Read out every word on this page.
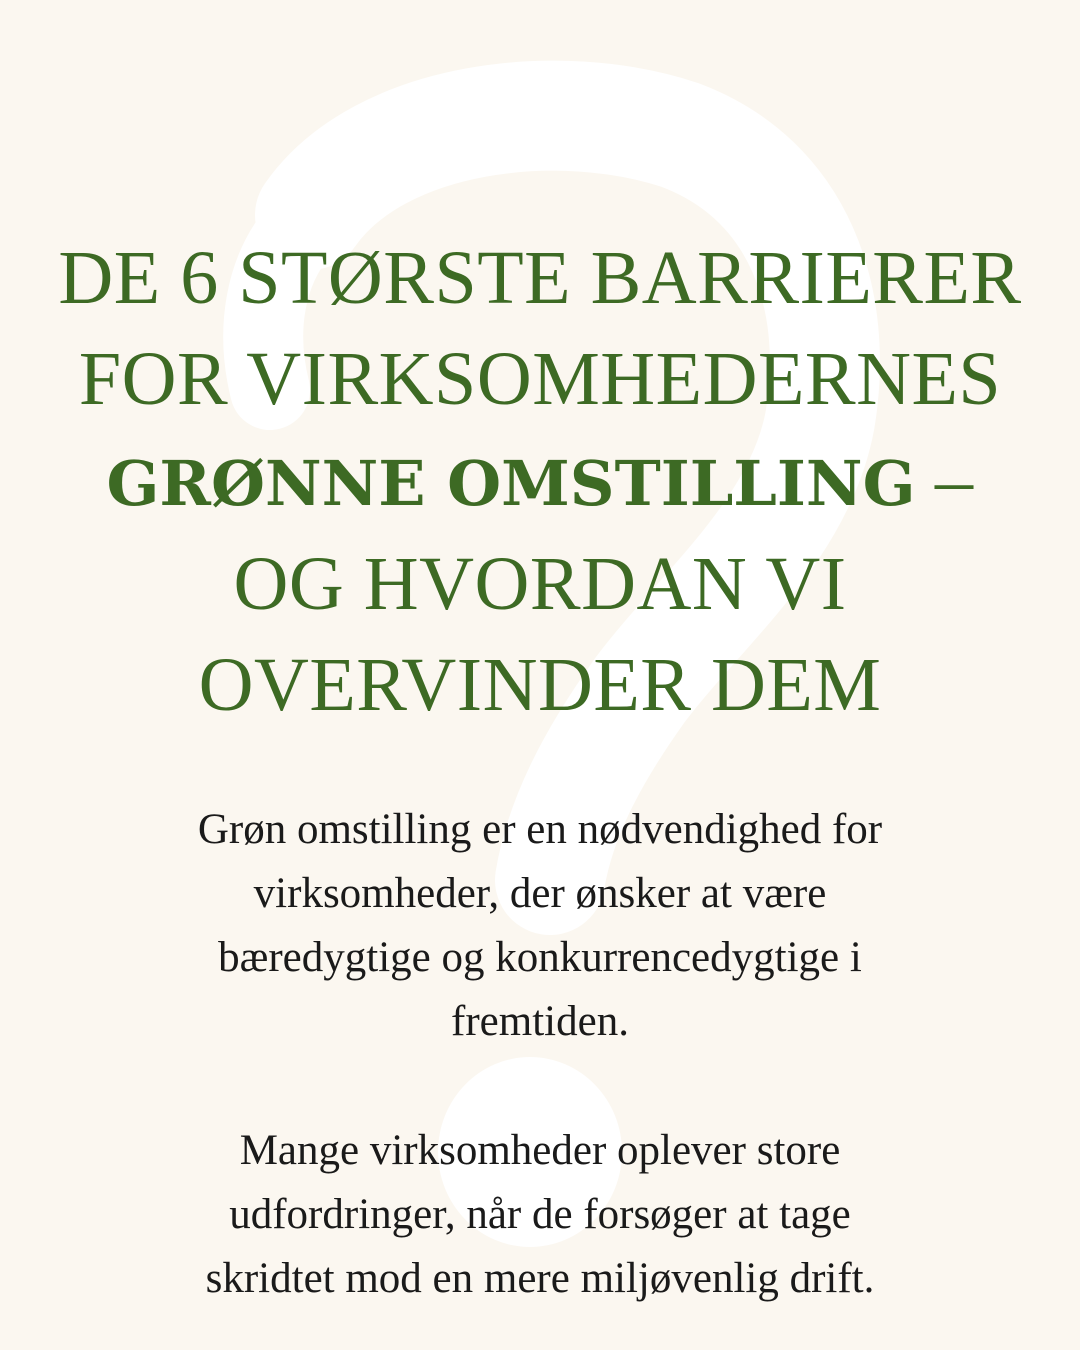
DE 6 STØRSTE BARRIERER
FOR VIRKSOMHEDERNES
GRØNNE OMSTILLING –
OG HVORDAN VI
OVERVINDER DEM
Grøn omstilling er en nødvendighed for
virksomheder, der ønsker at være
bæredygtige og konkurrencedygtige i
fremtiden.
Mange virksomheder oplever store
udfordringer, når de forsøger at tage
skridtet mod en mere miljøvenlig drift.
